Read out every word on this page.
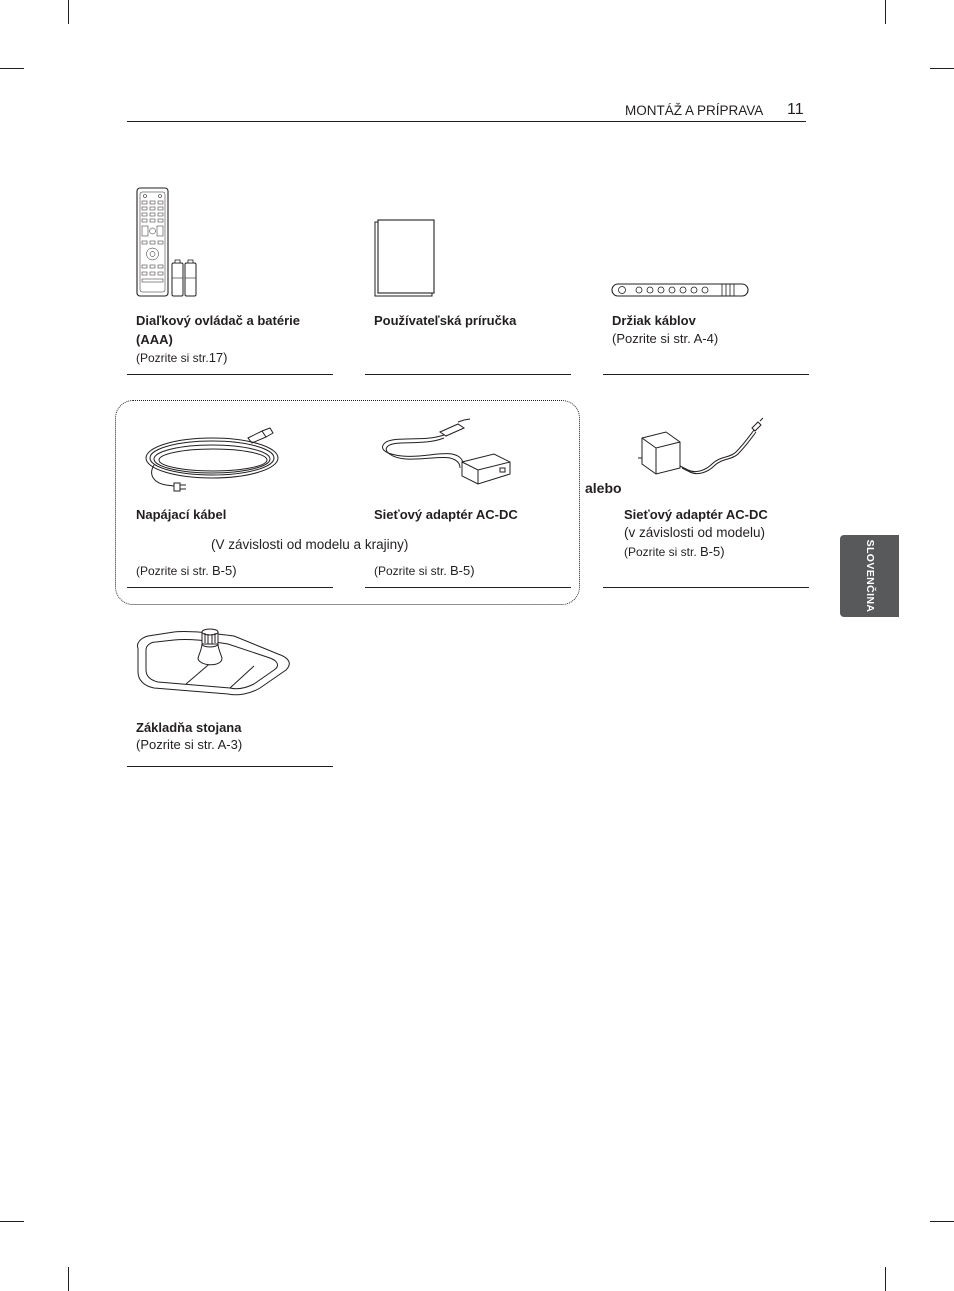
MONTÁŽ A PRÍPRAVA 11
SLOVENČINA
Diaľkový ovládač a batérie (AAA)
(Pozrite si str.17)
Používateľská príručka	Držiak káblov
(Pozrite si str. A-4)
Napájací kábel	Sieťový adaptér AC-DC
(V závislosti od modelu a krajiny)
(Pozrite si str. B-5)	(Pozrite si str. B-5)
alebo
Sieťový adaptér AC-DC
(v závislosti od modelu)
(Pozrite si str. B-5)
Základňa stojana
(Pozrite si str. A-3)
